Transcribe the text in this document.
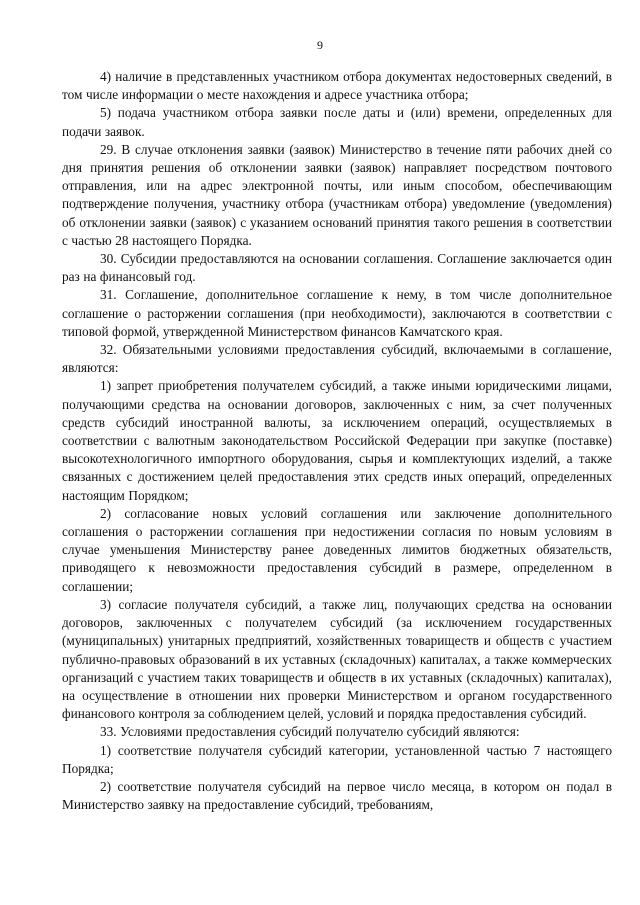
9

4) наличие в представленных участником отбора документах недостоверных сведений, в том числе информации о месте нахождения и адресе участника отбора;

5) подача участником отбора заявки после даты и (или) времени, определенных для подачи заявок.

29. В случае отклонения заявки (заявок) Министерство в течение пяти рабочих дней со дня принятия решения об отклонении заявки (заявок) направляет посредством почтового отправления, или на адрес электронной почты, или иным способом, обеспечивающим подтверждение получения, участнику отбора (участникам отбора) уведомление (уведомления) об отклонении заявки (заявок) с указанием оснований принятия такого решения в соответствии с частью 28 настоящего Порядка.

30. Субсидии предоставляются на основании соглашения. Соглашение заключается один раз на финансовый год.

31. Соглашение, дополнительное соглашение к нему, в том числе дополнительное соглашение о расторжении соглашения (при необходимости), заключаются в соответствии с типовой формой, утвержденной Министерством финансов Камчатского края.

32. Обязательными условиями предоставления субсидий, включаемыми в соглашение, являются:

1) запрет приобретения получателем субсидий, а также иными юридическими лицами, получающими средства на основании договоров, заключенных с ним, за счет полученных средств субсидий иностранной валюты, за исключением операций, осуществляемых в соответствии с валютным законодательством Российской Федерации при закупке (поставке) высокотехнологичного импортного оборудования, сырья и комплектующих изделий, а также связанных с достижением целей предоставления этих средств иных операций, определенных настоящим Порядком;

2) согласование новых условий соглашения или заключение дополнительного соглашения о расторжении соглашения при недостижении согласия по новым условиям в случае уменьшения Министерству ранее доведенных лимитов бюджетных обязательств, приводящего к невозможности предоставления субсидий в размере, определенном в соглашении;

3) согласие получателя субсидий, а также лиц, получающих средства на основании договоров, заключенных с получателем субсидий (за исключением государственных (муниципальных) унитарных предприятий, хозяйственных товариществ и обществ с участием публично-правовых образований в их уставных (складочных) капиталах, а также коммерческих организаций с участием таких товариществ и обществ в их уставных (складочных) капиталах), на осуществление в отношении них проверки Министерством и органом государственного финансового контроля за соблюдением целей, условий и порядка предоставления субсидий.

33. Условиями предоставления субсидий получателю субсидий являются:

1) соответствие получателя субсидий категории, установленной частью 7 настоящего Порядка;

2) соответствие получателя субсидий на первое число месяца, в котором он подал в Министерство заявку на предоставление субсидий, требованиям,
